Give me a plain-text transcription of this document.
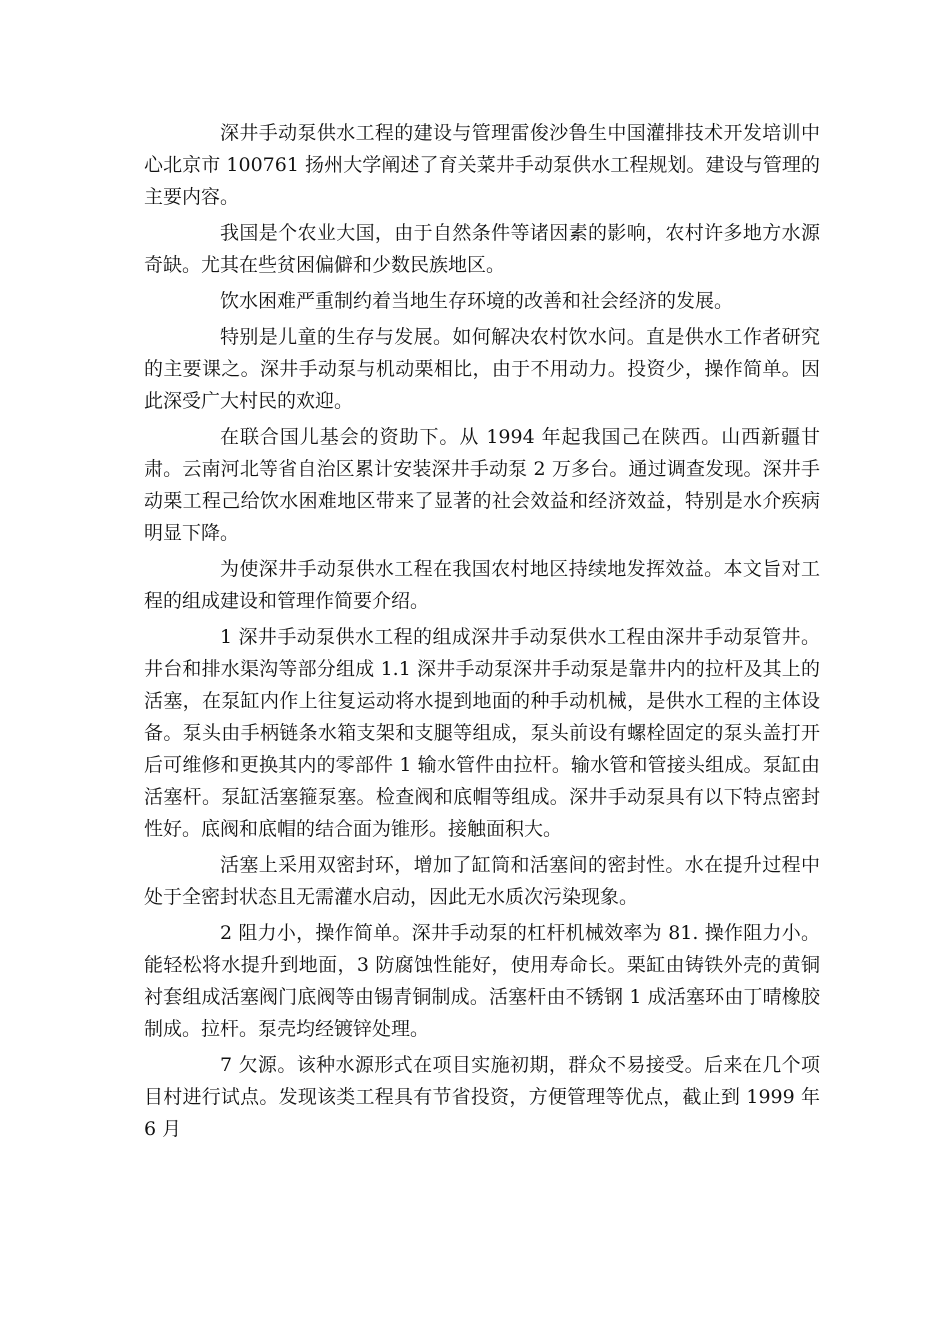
深井手动泵供水工程的建设与管理雷俊沙鲁生中国灌排技术开发培训中心北京市 100761 扬州大学阐述了育关菜井手动泵供水工程规划。建设与管理的主要内容。

我国是个农业大国，由于自然条件等诸因素的影响，农村许多地方水源奇缺。尤其在些贫困偏僻和少数民族地区。

饮水困难严重制约着当地生存环境的改善和社会经济的发展。

特别是儿童的生存与发展。如何解决农村饮水问。直是供水工作者研究的主要课之。深井手动泵与机动栗相比，由于不用动力。投资少，操作简单。因此深受广大村民的欢迎。

在联合国儿基会的资助下。从 1994 年起我国己在陕西。山西新疆甘肃。云南河北等省自治区累计安装深井手动泵 2 万多台。通过调查发现。深井手动栗工程己给饮水困难地区带来了显著的社会效益和经济效益，特别是水介疾病明显下降。

为使深井手动泵供水工程在我国农村地区持续地发挥效益。本文旨对工程的组成建设和管理作简要介绍。

1 深井手动泵供水工程的组成深井手动泵供水工程由深井手动泵管井。井台和排水渠沟等部分组成 1.1 深井手动泵深井手动泵是靠井内的拉杆及其上的活塞，在泵缸内作上往复运动将水提到地面的种手动机械，是供水工程的主体设备。泵头由手柄链条水箱支架和支腿等组成，泵头前设有螺栓固定的泵头盖打开后可维修和更换其内的零部件 1 输水管件由拉杆。输水管和管接头组成。泵缸由活塞杆。泵缸活塞箍泵塞。检查阀和底帽等组成。深井手动泵具有以下特点密封性好。底阀和底帽的结合面为锥形。接触面积大。

活塞上采用双密封环，增加了缸筒和活塞间的密封性。水在提升过程中处于全密封状态且无需灌水启动，因此无水质次污染现象。

2 阻力小，操作简单。深井手动泵的杠杆机械效率为 81. 操作阻力小。能轻松将水提升到地面，3 防腐蚀性能好，使用寿命长。栗缸由铸铁外壳的黄铜衬套组成活塞阀门底阀等由锡青铜制成。活塞杆由不锈钢 1 成活塞环由丁晴橡胶制成。拉杆。泵壳均经镀锌处理。

7 欠源。该种水源形式在项目实施初期，群众不易接受。后来在几个项目村进行试点。发现该类工程具有节省投资，方便管理等优点，截止到 1999 年 6 月
